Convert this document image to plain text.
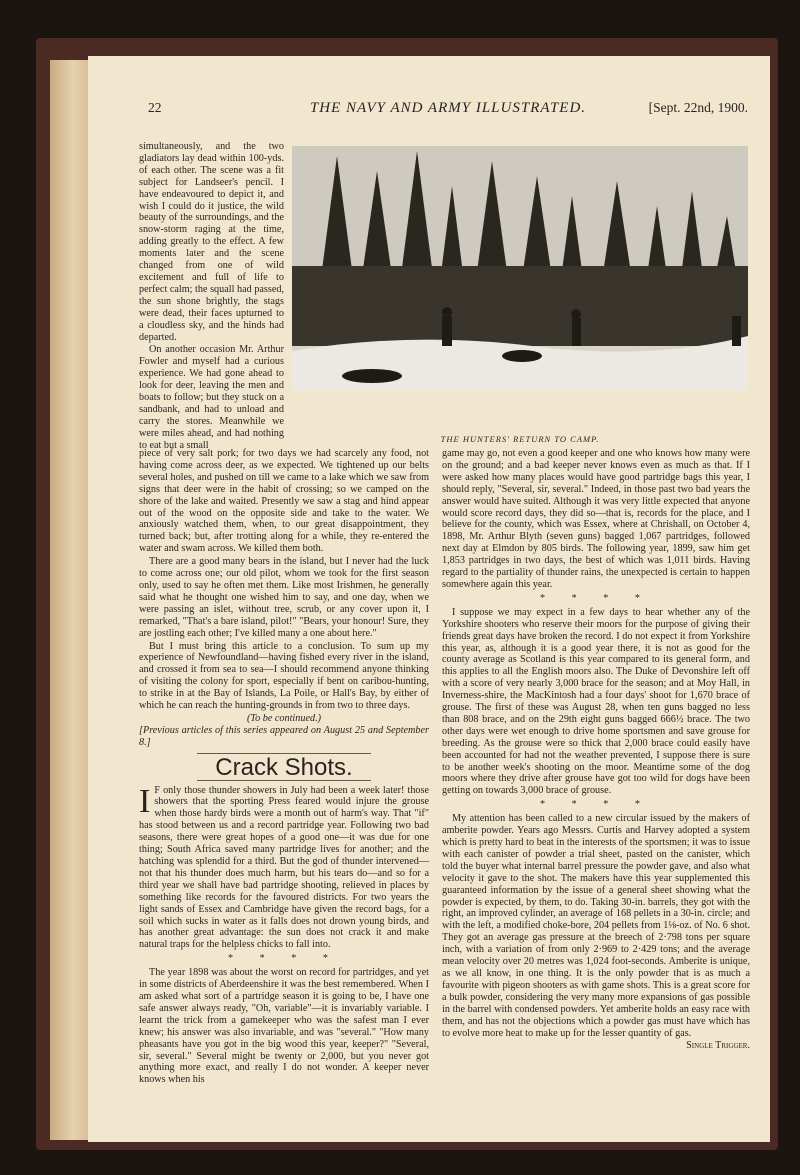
22	THE NAVY AND ARMY ILLUSTRATED.	[Sept. 22nd, 1900.

simultaneously, and the two gladiators lay dead within 100-yds. of each other. The scene was a fit subject for Landseer's pencil. I have endeavoured to depict it, and wish I could do it justice, the wild beauty of the surroundings, and the snow-storm raging at the time, adding greatly to the effect. A few moments later and the scene changed from one of wild excitement and full of life to perfect calm; the squall had passed, the sun shone brightly, the stags were dead, their faces upturned to a cloudless sky, and the hinds had departed.

On another occasion Mr. Arthur Fowler and myself had a curious experience. We had gone ahead to look for deer, leaving the men and boats to follow; but they stuck on a sandbank, and had to unload and carry the stores. Meanwhile we were miles ahead, and had nothing to eat but a small

THE HUNTERS' RETURN TO CAMP.

piece of very salt pork; for two days we had scarcely any food, not having come across deer, as we expected. We tightened up our belts several holes, and pushed on till we came to a lake which we saw from signs that deer were in the habit of crossing; so we camped on the shore of the lake and waited. Presently we saw a stag and hind appear out of the wood on the opposite side and take to the water. We anxiously watched them, when, to our great disappointment, they turned back; but, after trotting along for a while, they re-entered the water and swam across. We killed them both.

There are a good many bears in the island, but I never had the luck to come across one; our old pilot, whom we took for the first season only, used to say he often met them. Like most Irishmen, he generally said what he thought one wished him to say, and one day, when we were passing an islet, without tree, scrub, or any cover upon it, I remarked, "That's a bare island, pilot!" "Bears, your honour! Sure, they are jostling each other; I've killed many a one about here."

But I must bring this article to a conclusion. To sum up my experience of Newfoundland—having fished every river in the island, and crossed it from sea to sea—I should recommend anyone thinking of visiting the colony for sport, especially if bent on caribou-hunting, to strike in at the Bay of Islands, La Poile, or Hall's Bay, by either of which he can reach the hunting-grounds in from two to three days.

(To be continued.)

[Previous articles of this series appeared on August 25 and September 8.]

Crack Shots.

I F only those thunder showers in July had been a week later! those showers that the sporting Press feared would injure the grouse when those hardy birds were a month out of harm's way. That "if" has stood between us and a record partridge year. Following two bad seasons, there were great hopes of a good one—it was due for one thing; South Africa saved many partridge lives for another; and the hatching was splendid for a third. But the god of thunder intervened—not that his thunder does much harm, but his tears do—and so for a third year we shall have bad partridge shooting, relieved in places by something like records for the favoured districts. For two years the light sands of Essex and Cambridge have given the record bags, for a soil which sucks in water as it falls does not drown young birds, and has another great advantage: the sun does not crack it and make natural traps for the helpless chicks to fall into.

* * * *

The year 1898 was about the worst on record for partridges, and yet in some districts of Aberdeenshire it was the best remembered. When I am asked what sort of a partridge season it is going to be, I have one safe answer always ready, "Oh, variable"—it is invariably variable. I learnt the trick from a gamekeeper who was the safest man I ever knew; his answer was also invariable, and was "several." "How many pheasants have you got in the big wood this year, keeper?" "Several, sir, several." Several might be twenty or 2,000, but you never got anything more exact, and really I do not wonder. A keeper never knows when his

game may go, not even a good keeper and one who knows how many were on the ground; and a bad keeper never knows even as much as that. If I were asked how many places would have good partridge bags this year, I should reply, "Several, sir, several." Indeed, in those past two bad years the answer would have suited. Although it was very little expected that anyone would score record days, they did so—that is, records for the place, and I believe for the county, which was Essex, where at Chrishall, on October 4, 1898, Mr. Arthur Blyth (seven guns) bagged 1,067 partridges, followed next day at Elmdon by 805 birds. The following year, 1899, saw him get 1,853 partridges in two days, the best of which was 1,011 birds. Having regard to the partiality of thunder rains, the unexpected is certain to happen somewhere again this year.

* * * *

I suppose we may expect in a few days to hear whether any of the Yorkshire shooters who reserve their moors for the purpose of giving their friends great days have broken the record. I do not expect it from Yorkshire this year, as, although it is a good year there, it is not as good for the county average as Scotland is this year compared to its general form, and this applies to all the English moors also. The Duke of Devonshire left off with a score of very nearly 3,000 brace for the season; and at Moy Hall, in Inverness-shire, the MacKintosh had a four days' shoot for 1,670 brace of grouse. The first of these was August 28, when ten guns bagged no less than 808 brace, and on the 29th eight guns bagged 666½ brace. The two other days were wet enough to drive home sportsmen and save grouse for breeding. As the grouse were so thick that 2,000 brace could easily have been accounted for had not the weather prevented, I suppose there is sure to be another week's shooting on the moor. Meantime some of the dog moors where they drive after grouse have got too wild for dogs have been getting on towards 3,000 brace of grouse.

* * * *

My attention has been called to a new circular issued by the makers of amberite powder. Years ago Messrs. Curtis and Harvey adopted a system which is pretty hard to beat in the interests of the sportsmen; it was to issue with each canister of powder a trial sheet, pasted on the canister, which told the buyer what internal barrel pressure the powder gave, and also what velocity it gave to the shot. The makers have this year supplemented this guaranteed information by the issue of a general sheet showing what the powder is expected, by them, to do. Taking 30-in. barrels, they got with the right, an improved cylinder, an average of 168 pellets in a 30-in. circle; and with the left, a modified choke-bore, 204 pellets from 1⅛-oz. of No. 6 shot. They got an average gas pressure at the breech of 2·798 tons per square inch, with a variation of from only 2·969 to 2·429 tons; and the average mean velocity over 20 metres was 1,024 foot-seconds. Amberite is unique, as we all know, in one thing. It is the only powder that is as much a favourite with pigeon shooters as with game shots. This is a great score for a bulk powder, considering the very many more expansions of gas possible in the barrel with condensed powders. Yet amberite holds an easy race with them, and has not the objections which a powder gas must have which has to evolve more heat to make up for the lesser quantity of gas.

Single Trigger.
